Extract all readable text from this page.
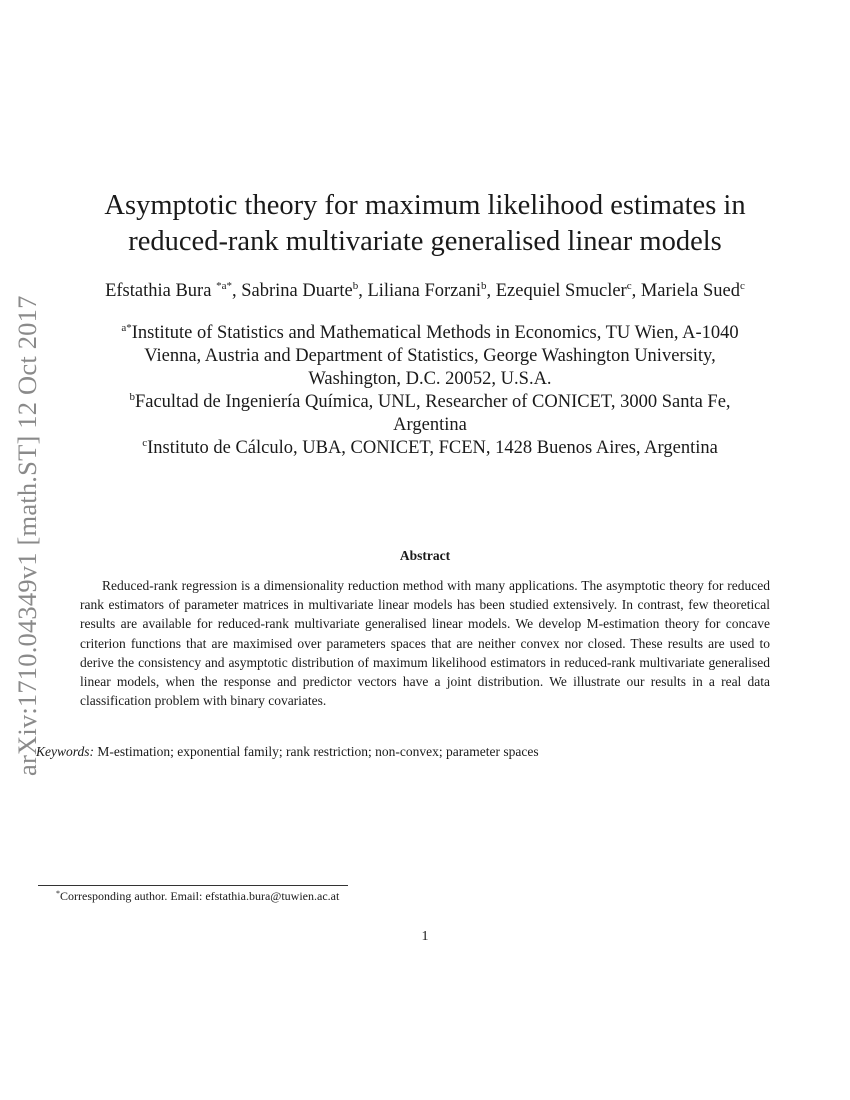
arXiv:1710.04349v1 [math.ST] 12 Oct 2017
Asymptotic theory for maximum likelihood estimates in
reduced-rank multivariate generalised linear models
Efstathia Bura $^{*a*}$, Sabrina Duarte$^b$, Liliana Forzani$^b$, Ezequiel Smucler$^c$, Mariela Sued$^c$
$^{a*}$Institute of Statistics and Mathematical Methods in Economics, TU Wien, A-1040
Vienna, Austria and Department of Statistics, George Washington University,
Washington, D.C. 20052, U.S.A.
$^b$Facultad de Ingeniería Química, UNL, Researcher of CONICET, 3000 Santa Fe,
Argentina
$^c$Instituto de Cálculo, UBA, CONICET, FCEN, 1428 Buenos Aires, Argentina
Abstract
Reduced-rank regression is a dimensionality reduction method with many applications. The asymptotic theory for reduced rank estimators of parameter matrices in multivariate linear models has been studied extensively. In contrast, few theoretical results are available for reduced-rank multivariate generalised linear models. We develop M-estimation theory for concave criterion functions that are maximised over parameters spaces that are neither convex nor closed. These results are used to derive the consistency and asymptotic distribution of maximum likelihood estimators in reduced-rank multivariate generalised linear models, when the response and predictor vectors have a joint distribution. We illustrate our results in a real data classification problem with binary covariates.
Keywords: M-estimation; exponential family; rank restriction; non-convex; parameter spaces
*Corresponding author. Email: efstathia.bura@tuwien.ac.at
1
